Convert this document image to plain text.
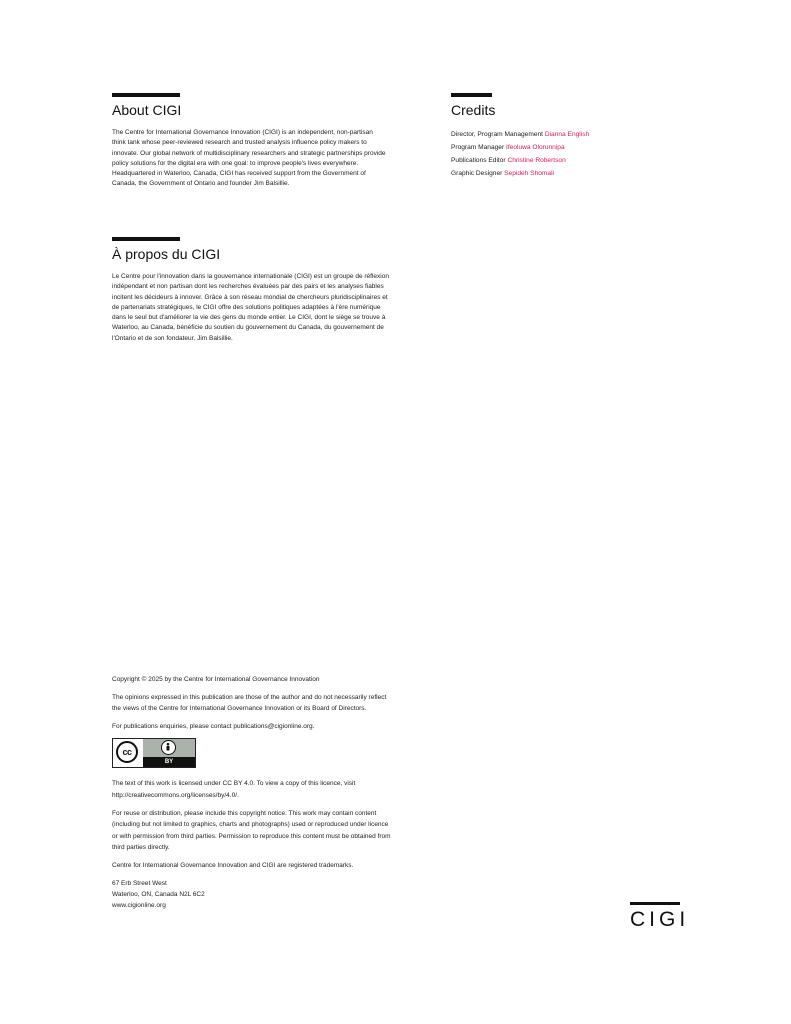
About CIGI

The Centre for International Governance Innovation (CIGI) is an independent, non-partisan think tank whose peer-reviewed research and trusted analysis influence policy makers to innovate. Our global network of multidisciplinary researchers and strategic partnerships provide policy solutions for the digital era with one goal: to improve people's lives everywhere. Headquartered in Waterloo, Canada, CIGI has received support from the Government of Canada, the Government of Ontario and founder Jim Balsillie.

À propos du CIGI

Le Centre pour l'innovation dans la gouvernance internationale (CIGI) est un groupe de réflexion indépendant et non partisan dont les recherches évaluées par des pairs et les analyses fiables incitent les décideurs à innover. Grâce à son réseau mondial de chercheurs pluridisciplinaires et de partenariats stratégiques, le CIGI offre des solutions politiques adaptées à l'ère numérique dans le seul but d'améliorer la vie des gens du monde entier. Le CIGI, dont le siège se trouve à Waterloo, au Canada, bénéficie du soutien du gouvernement du Canada, du gouvernement de l'Ontario et de son fondateur, Jim Balsillie.

Credits
Director, Program Management Dianna English
Program Manager Ifeoluwa Olorunnipa
Publications Editor Christine Robertson
Graphic Designer Sepideh Shomali

Copyright © 2025 by the Centre for International Governance Innovation

The opinions expressed in this publication are those of the author and do not necessarily reflect the views of the Centre for International Governance Innovation or its Board of Directors.

For publications enquiries, please contact publications@cigionline.org.

cc
BY

The text of this work is licensed under CC BY 4.0. To view a copy of this licence, visit http://creativecommons.org/licenses/by/4.0/.

For reuse or distribution, please include this copyright notice. This work may contain content (including but not limited to graphics, charts and photographs) used or reproduced under licence or with permission from third parties. Permission to reproduce this content must be obtained from third parties directly.

Centre for International Governance Innovation and CIGI are registered trademarks.

67 Erb Street West
Waterloo, ON, Canada N2L 6C2
www.cigionline.org
CIGI
